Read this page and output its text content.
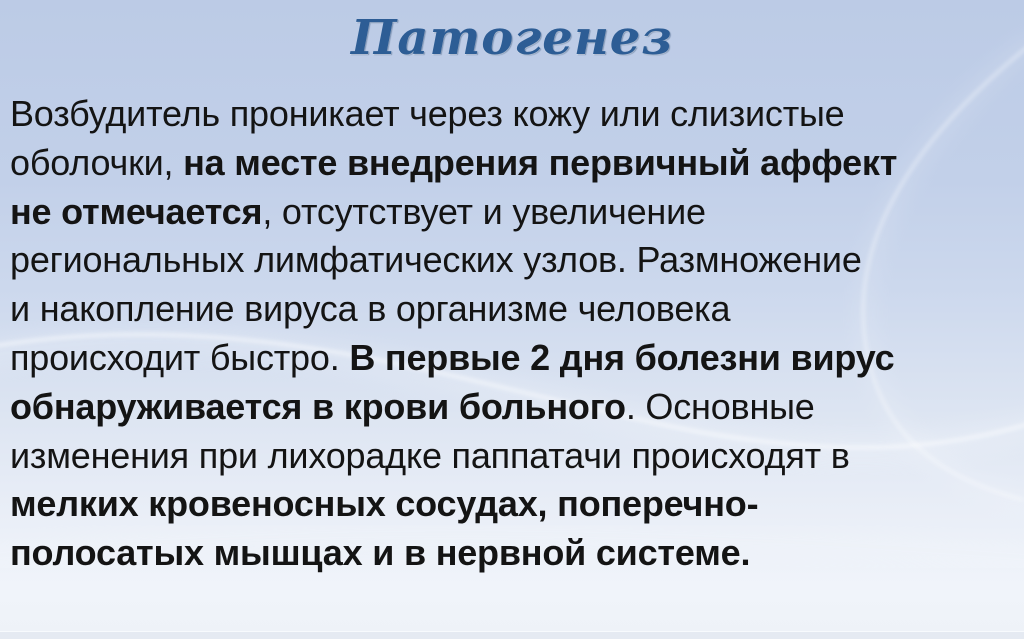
Патогенез
Возбудитель проникает через кожу или слизистые
оболочки, на месте внедрения первичный аффект
не отмечается, отсутствует и увеличение
региональных лимфатических узлов. Размножение
и накопление вируса в организме человека
происходит быстро. В первые 2 дня болезни вирус
обнаруживается в крови больного. Основные
изменения при лихорадке паппатачи происходят в
мелких кровеносных сосудах, поперечно-
полосатых мышцах и в нервной системе.
